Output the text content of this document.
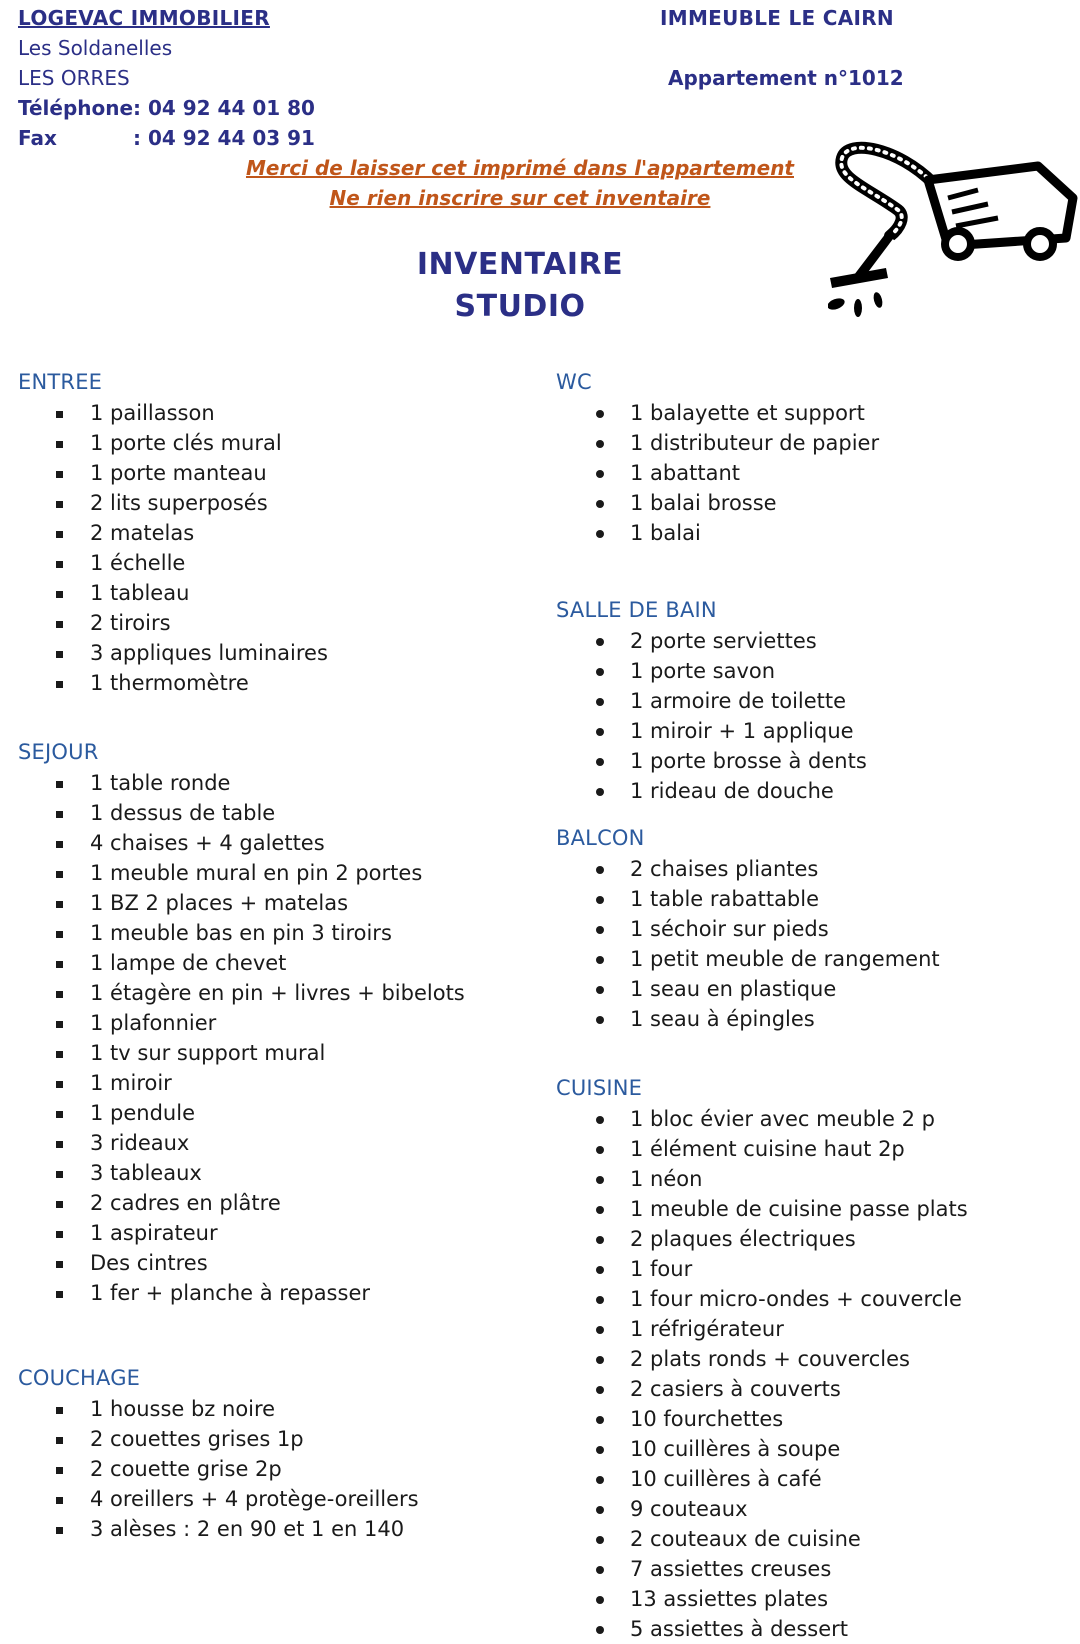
LOGEVAC IMMOBILIER
Les Soldanelles
LES ORRES
Téléphone: 04 92 44 01 80
Fax	: 04 92 44 03 91
IMMEUBLE LE CAIRN
Appartement n°1012
Merci de laisser cet imprimé dans l'appartement
Ne rien inscrire sur cet inventaire
INVENTAIRE
STUDIO
ENTREE
1 paillasson
1 porte clés mural
1 porte manteau
2 lits superposés
2 matelas
1 échelle
1 tableau
2 tiroirs
3 appliques luminaires
1 thermomètre
SEJOUR
1 table ronde
1 dessus de table
4 chaises + 4 galettes
1 meuble mural en pin 2 portes
1 BZ 2 places + matelas
1 meuble bas en pin 3 tiroirs
1 lampe de chevet
1 étagère en pin + livres + bibelots
1 plafonnier
1 tv sur support mural
1 miroir
1 pendule
3 rideaux
3 tableaux
2 cadres en plâtre
1 aspirateur
Des cintres
1 fer + planche à repasser
COUCHAGE
1 housse bz noire
2 couettes grises 1p
2 couette grise 2p
4 oreillers + 4 protège-oreillers
3 alèses : 2 en 90 et 1 en 140
WC
1 balayette et support
1 distributeur de papier
1 abattant
1 balai brosse
1 balai
SALLE DE BAIN
2 porte serviettes
1 porte savon
1 armoire de toilette
1 miroir + 1 applique
1 porte brosse à dents
1 rideau de douche
BALCON
2 chaises pliantes
1 table rabattable
1 séchoir sur pieds
1 petit meuble de rangement
1 seau en plastique
1 seau à épingles
CUISINE
1 bloc évier avec meuble 2 p
1 élément cuisine haut 2p
1 néon
1 meuble de cuisine passe plats
2 plaques électriques
1 four
1 four micro-ondes + couvercle
1 réfrigérateur
2 plats ronds + couvercles
2 casiers à couverts
10 fourchettes
10 cuillères à soupe
10 cuillères à café
9 couteaux
2 couteaux de cuisine
7 assiettes creuses
13 assiettes plates
5 assiettes à dessert
